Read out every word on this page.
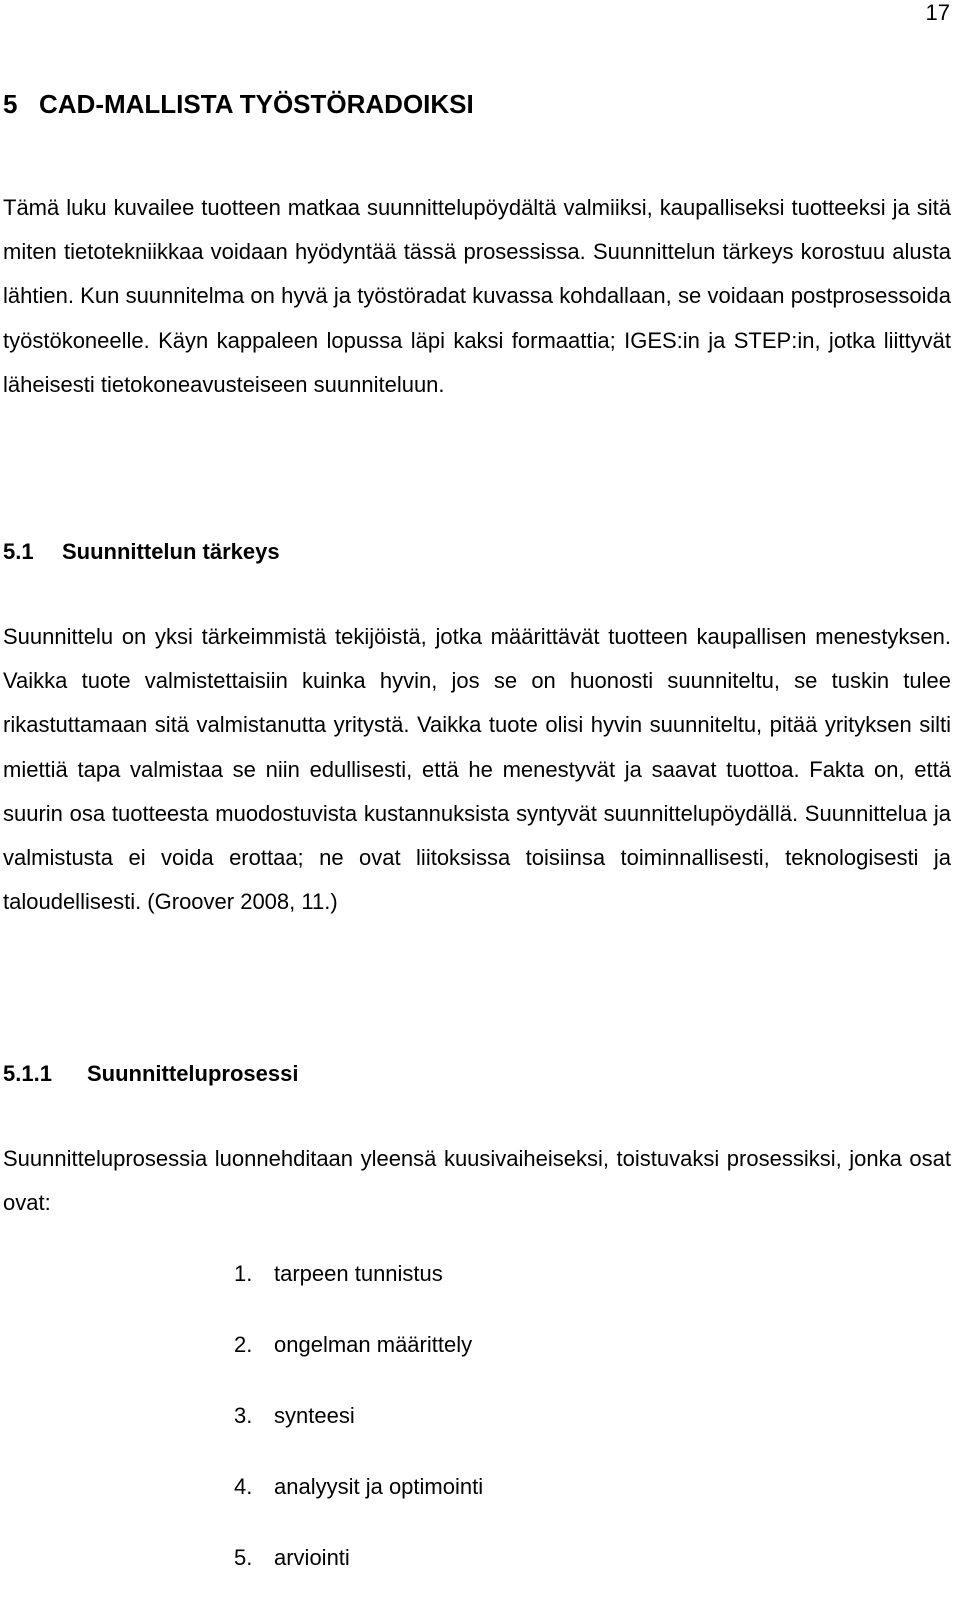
17
5 CAD-MALLISTA TYÖSTÖRADOIKSI

Tämä luku kuvailee tuotteen matkaa suunnittelupöydältä valmiiksi, kaupalliseksi tuotteeksi ja sitä miten tietotekniikkaa voidaan hyödyntää tässä prosessissa. Suunnittelun tärkeys korostuu alusta lähtien. Kun suunnitelma on hyvä ja työstöradat kuvassa kohdallaan, se voidaan postprosessoida työstökoneelle. Käyn kappaleen lopussa läpi kaksi formaattia; IGES:in ja STEP:in, jotka liittyvät läheisesti tietokoneavusteiseen suunniteluun.

5.1 Suunnittelun tärkeys

Suunnittelu on yksi tärkeimmistä tekijöistä, jotka määrittävät tuotteen kaupallisen menestyksen. Vaikka tuote valmistettaisiin kuinka hyvin, jos se on huonosti suunniteltu, se tuskin tulee rikastuttamaan sitä valmistanutta yritystä. Vaikka tuote olisi hyvin suunniteltu, pitää yrityksen silti miettiä tapa valmistaa se niin edullisesti, että he menestyvät ja saavat tuottoa. Fakta on, että suurin osa tuotteesta muodostuvista kustannuksista syntyvät suunnittelupöydällä. Suunnittelua ja valmistusta ei voida erottaa; ne ovat liitoksissa toisiinsa toiminnallisesti, teknologisesti ja taloudellisesti. (Groover 2008, 11.)

5.1.1 Suunnitteluprosessi

Suunnitteluprosessia luonnehditaan yleensä kuusivaiheiseksi, toistuvaksi prosessiksi, jonka osat ovat:

1. tarpeen tunnistus
2. ongelman määrittely
3. synteesi
4. analyysit ja optimointi
5. arviointi
